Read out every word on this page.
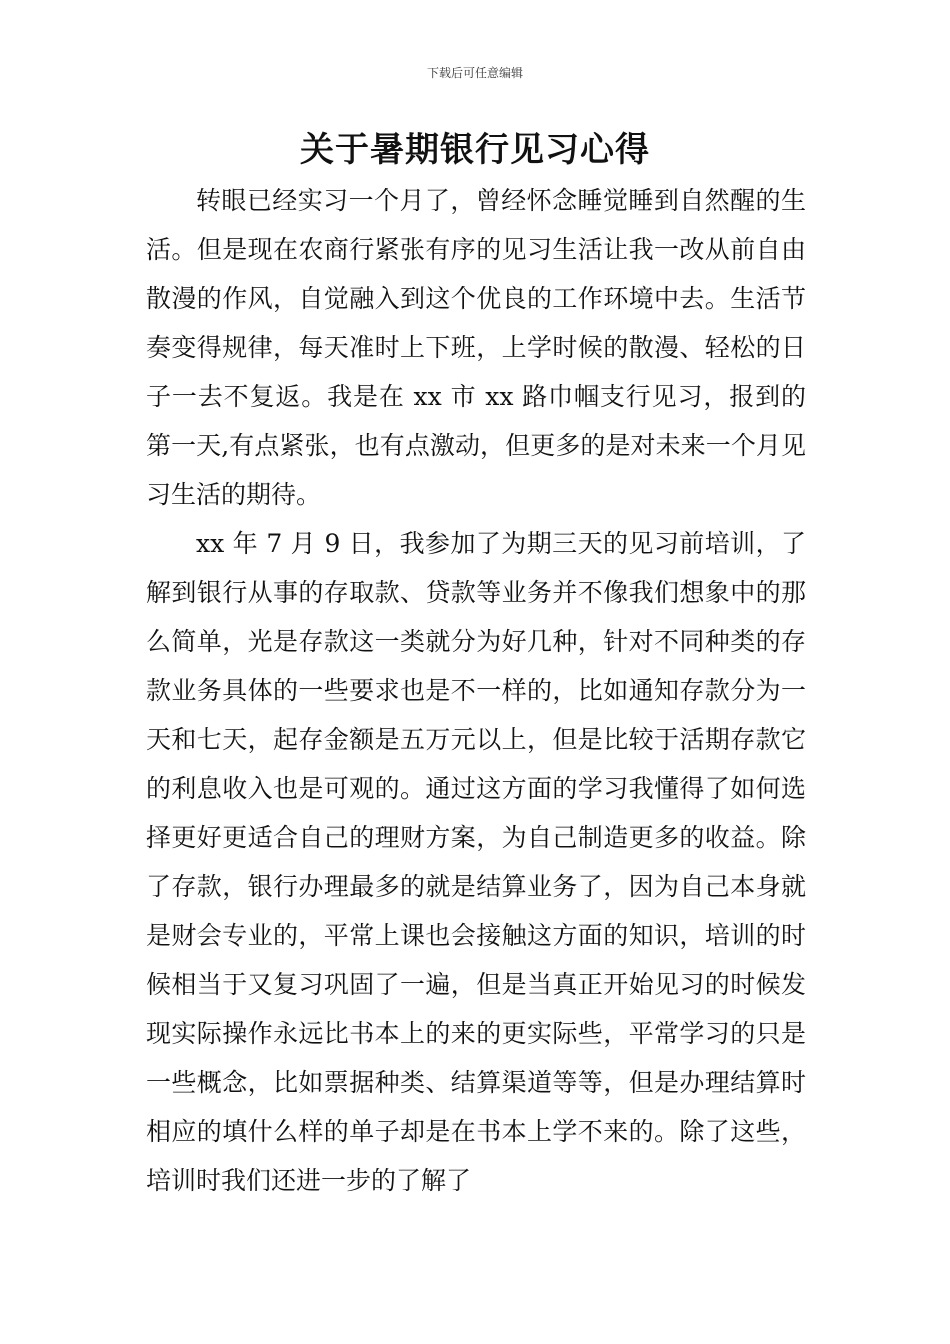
下载后可任意编辑
关于暑期银行见习心得

转眼已经实习一个月了，曾经怀念睡觉睡到自然醒的生活。但是现在农商行紧张有序的见习生活让我一改从前自由散漫的作风，自觉融入到这个优良的工作环境中去。生活节奏变得规律，每天准时上下班，上学时候的散漫、轻松的日子一去不复返。我是在 xx 市 xx 路巾帼支行见习，报到的第一天,有点紧张，也有点激动，但更多的是对未来一个月见习生活的期待。

xx 年 7 月 9 日，我参加了为期三天的见习前培训，了解到银行从事的存取款、贷款等业务并不像我们想象中的那么简单，光是存款这一类就分为好几种，针对不同种类的存款业务具体的一些要求也是不一样的，比如通知存款分为一天和七天，起存金额是五万元以上，但是比较于活期存款它的利息收入也是可观的。通过这方面的学习我懂得了如何选择更好更适合自己的理财方案，为自己制造更多的收益。除了存款，银行办理最多的就是结算业务了，因为自己本身就是财会专业的，平常上课也会接触这方面的知识，培训的时候相当于又复习巩固了一遍，但是当真正开始见习的时候发现实际操作永远比书本上的来的更实际些，平常学习的只是一些概念，比如票据种类、结算渠道等等，但是办理结算时相应的填什么样的单子却是在书本上学不来的。除了这些，培训时我们还进一步的了解了
